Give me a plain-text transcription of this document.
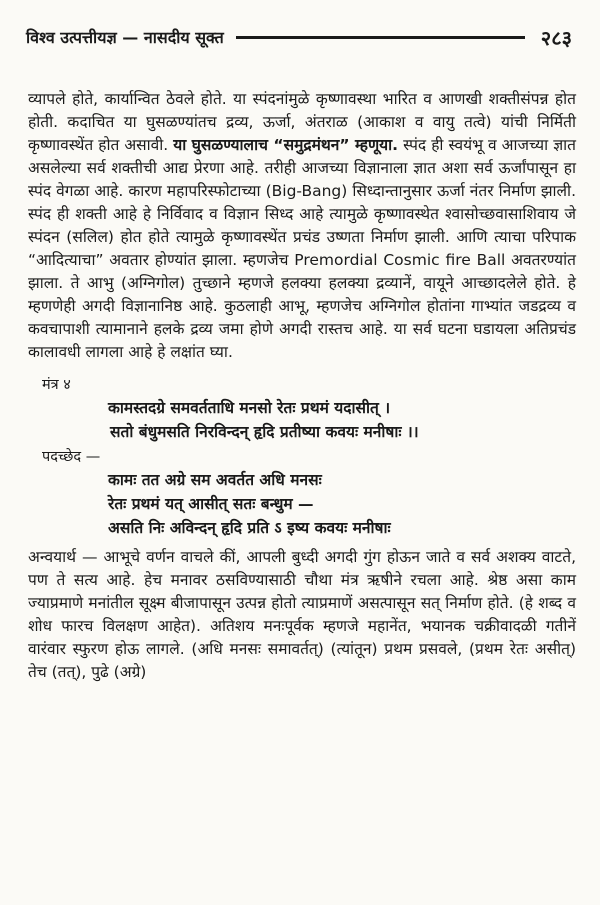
विश्व उत्पत्तीयज्ञ — नासदीय सूक्त	२८३

व्यापले होते, कार्यान्वित ठेवले होते. या स्पंदनांमुळे कृष्णावस्था भारित व आणखी शक्तीसंपन्न होत होती. कदाचित या घुसळण्यांतच द्रव्य, ऊर्जा, अंतराळ (आकाश व वायु तत्वे) यांची निर्मिती कृष्णावस्थेंत होत असावी. या घुसळण्यालाच “समुद्रमंथन” म्हणूया. स्पंद ही स्वयंभू व आजच्या ज्ञात असलेल्या सर्व शक्तीची आद्य प्रेरणा आहे. तरीही आजच्या विज्ञानाला ज्ञात अशा सर्व ऊर्जांपासून हा स्पंद वेगळा आहे. कारण महापरिस्फोटाच्या (Big-Bang) सिध्दान्तानुसार ऊर्जा नंतर निर्माण झाली. स्पंद ही शक्ती आहे हे निर्विवाद व विज्ञान सिध्द आहे त्यामुळे कृष्णावस्थेत श्वासोच्छवासाशिवाय जे स्पंदन (सलिल) होत होते त्यामुळे कृष्णावस्थेंत प्रचंड उष्णता निर्माण झाली. आणि त्याचा परिपाक “आदित्याचा” अवतार होण्यांत झाला. म्हणजेच Premordial Cosmic fire Ball अवतरण्यांत झाला. ते आभु (अग्निगोल) तुच्छाने म्हणजे हलक्या हलक्या द्रव्यानें, वायूने आच्छादलेले होते. हे म्हणणेही अगदी विज्ञानानिष्ठ आहे. कुठलाही आभू, म्हणजेच अग्निगोल होतांना गाभ्यांत जडद्रव्य व कवचापाशी त्यामानाने हलके द्रव्य जमा होणे अगदी रास्तच आहे. या सर्व घटना घडायला अतिप्रचंड कालावधी लागला आहे हे लक्षांत घ्या.

मंत्र ४
कामस्तदग्रे समवर्तताधि मनसो रेतः प्रथमं यदासीत् ।
सतो बंधुमसति निरविन्दन् हृदि प्रतीष्या कवयः मनीषाः ।।
पदच्छेद —
कामः तत अग्रे सम अवर्तत अधि मनसः
रेतः प्रथमं यत् आसीत् सतः बन्धुम —
असति निः अविन्दन् हृदि प्रति ऽ इष्य कवयः मनीषाः

अन्वयार्थ — आभूचे वर्णन वाचले कीं, आपली बुध्दी अगदी गुंग होऊन जाते व सर्व अशक्य वाटते, पण ते सत्य आहे. हेच मनावर ठसविण्यासाठी चौथा मंत्र ऋषीने रचला आहे. श्रेष्ठ असा काम ज्याप्रमाणे मनांतील सूक्ष्म बीजापासून उत्पन्न होतो त्याप्रमाणें असत्पासून सत् निर्माण होते. (हे शब्द व शोध फारच विलक्षण आहेत). अतिशय मनःपूर्वक म्हणजे महानेंत, भयानक चक्रीवादळी गतीनें वारंवार स्फुरण होऊ लागले. (अधि मनसः समावर्तत्) (त्यांतून) प्रथम प्रसवले, (प्रथम रेतः असीत्) तेच (तत्), पुढे (अग्रे)
